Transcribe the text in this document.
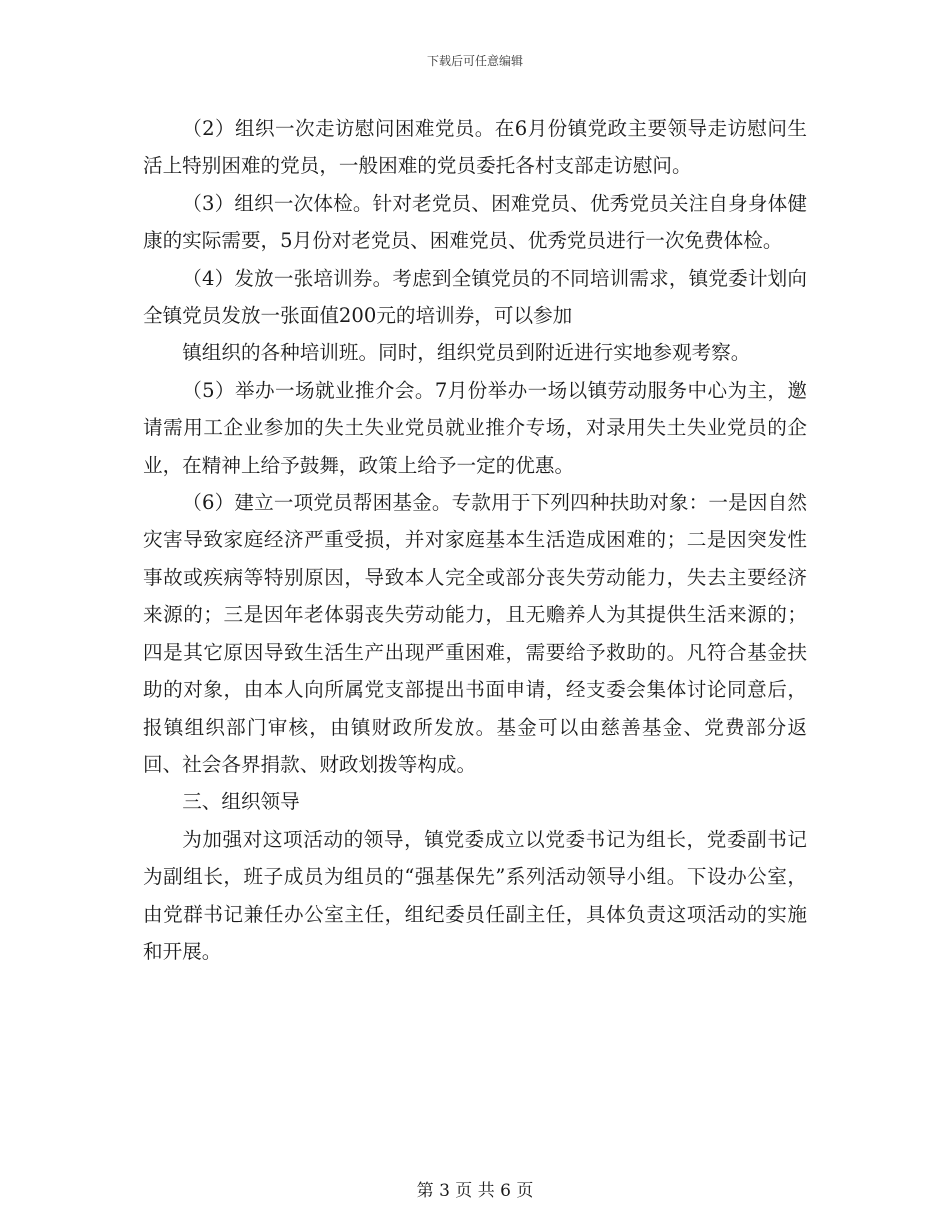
下载后可任意编辑

（2）组织一次走访慰问困难党员。在6月份镇党政主要领导走访慰问生活上特别困难的党员，一般困难的党员委托各村支部走访慰问。

（3）组织一次体检。针对老党员、困难党员、优秀党员关注自身身体健康的实际需要，5月份对老党员、困难党员、优秀党员进行一次免费体检。

（4）发放一张培训券。考虑到全镇党员的不同培训需求，镇党委计划向全镇党员发放一张面值200元的培训券，可以参加

镇组织的各种培训班。同时，组织党员到附近进行实地参观考察。

（5）举办一场就业推介会。7月份举办一场以镇劳动服务中心为主，邀请需用工企业参加的失土失业党员就业推介专场，对录用失土失业党员的企业，在精神上给予鼓舞，政策上给予一定的优惠。

（6）建立一项党员帮困基金。专款用于下列四种扶助对象：一是因自然灾害导致家庭经济严重受损，并对家庭基本生活造成困难的；二是因突发性事故或疾病等特别原因，导致本人完全或部分丧失劳动能力，失去主要经济来源的；三是因年老体弱丧失劳动能力，且无赡养人为其提供生活来源的；四是其它原因导致生活生产出现严重困难，需要给予救助的。凡符合基金扶助的对象，由本人向所属党支部提出书面申请，经支委会集体讨论同意后，报镇组织部门审核，由镇财政所发放。基金可以由慈善基金、党费部分返回、社会各界捐款、财政划拨等构成。

三、组织领导

为加强对这项活动的领导，镇党委成立以党委书记为组长，党委副书记为副组长，班子成员为组员的“强基保先”系列活动领导小组。下设办公室，由党群书记兼任办公室主任，组纪委员任副主任，具体负责这项活动的实施和开展。

第 3 页 共 6 页
